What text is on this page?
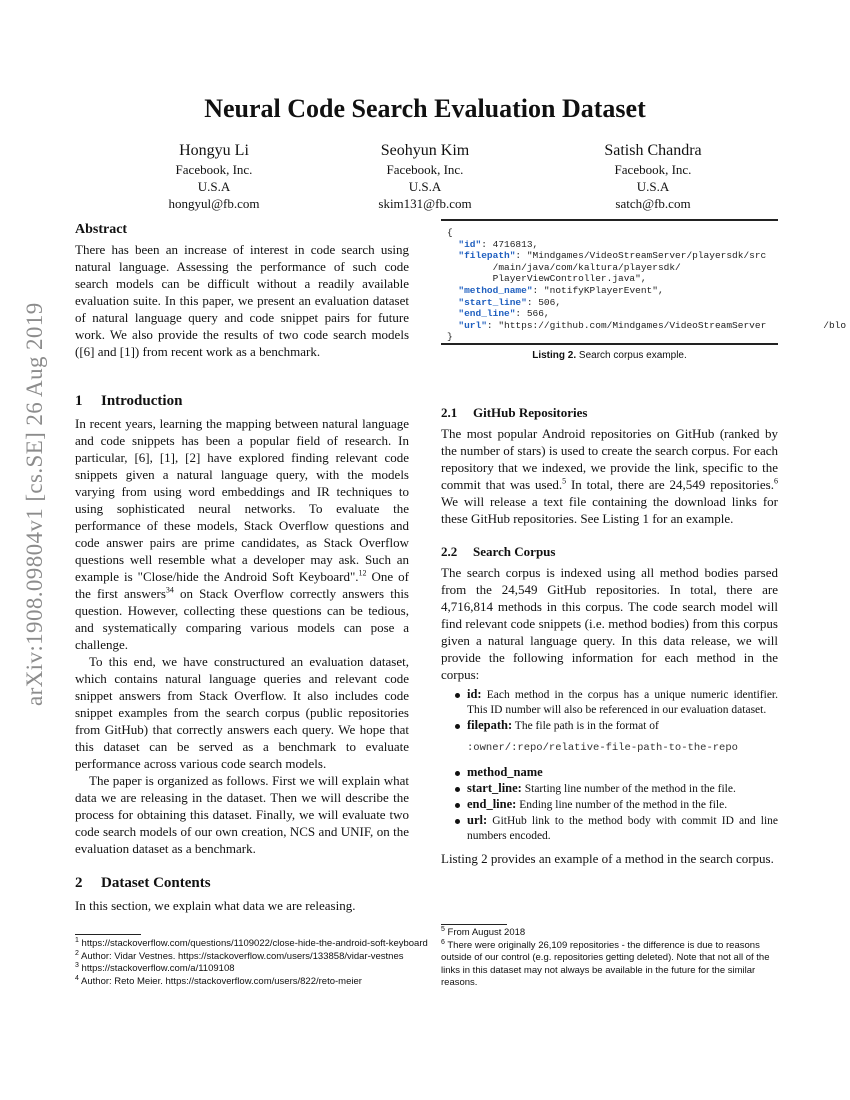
arXiv:1908.09804v1 [cs.SE] 26 Aug 2019
Neural Code Search Evaluation Dataset
Hongyu Li
Facebook, Inc.
U.S.A
hongyul@fb.com
Seohyun Kim
Facebook, Inc.
U.S.A
skim131@fb.com
Satish Chandra
Facebook, Inc.
U.S.A
satch@fb.com
Abstract

There has been an increase of interest in code search using natural language. Assessing the performance of such code search models can be difficult without a readily available evaluation suite. In this paper, we present an evaluation dataset of natural language query and code snippet pairs for future work. We also provide the results of two code search models ([6] and [1]) from recent work as a benchmark.

1 Introduction

In recent years, learning the mapping between natural language and code snippets has been a popular field of research. In particular, [6], [1], [2] have explored finding relevant code snippets given a natural language query, with the models varying from using word embeddings and IR techniques to using sophisticated neural networks. To evaluate the performance of these models, Stack Overflow questions and code answer pairs are prime candidates, as Stack Overflow questions well resemble what a developer may ask. Such an example is "Close/hide the Android Soft Keyboard".$^{12}$ One of the first answers$^{34}$ on Stack Overflow correctly answers this question. However, collecting these questions can be tedious, and systematically comparing various models can pose a challenge.

To this end, we have constructured an evaluation dataset, which contains natural language queries and relevant code snippet answers from Stack Overflow. It also includes code snippet examples from the search corpus (public repositories from GitHub) that correctly answers each query. We hope that this dataset can be served as a benchmark to evaluate performance across various code search models.

The paper is organized as follows. First we will explain what data we are releasing in the dataset. Then we will describe the process for obtaining this dataset. Finally, we will evaluate two code search models of our own creation, NCS and UNIF, on the evaluation dataset as a benchmark.

2 Dataset Contents

In this section, we explain what data we are releasing.

{
"id": 4716813,
"filepath": "Mindgames/VideoStreamServer/playersdk/src
/main/java/com/kaltura/playersdk/
PlayerViewController.java",
"method_name": "notifyKPlayerEvent",
"start_line": 506,
"end_line": 566,
"url": "https://github.com/Mindgames/VideoStreamServer          /blo
}
Listing 2. Search corpus example.
2.1 GitHub Repositories

The most popular Android repositories on GitHub (ranked by the number of stars) is used to create the search corpus. For each repository that we indexed, we provide the link, specific to the commit that was used.$^5$ In total, there are 24,549 repositories.$^6$ We will release a text file containing the download links for these GitHub repositories. See Listing 1 for an example.

2.2 Search Corpus

The search corpus is indexed using all method bodies parsed from the 24,549 GitHub repositories. In total, there are 4,716,814 methods in this corpus. The code search model will find relevant code snippets (i.e. method bodies) from this corpus given a natural language query. In this data release, we will provide the following information for each method in the corpus:

id: Each method in the corpus has a unique numeric identifier. This ID number will also be referenced in our evaluation dataset.
filepath: The file path is in the format of
:owner/:repo/relative-file-path-to-the-repo
method_name
start_line: Starting line number of the method in the file.
end_line: Ending line number of the method in the file.
url: GitHub link to the method body with commit ID and line numbers encoded.

Listing 2 provides an example of a method in the search corpus.

$^1$ https://stackoverflow.com/questions/1109022/close-hide-the-android-soft-keyboard
$^2$ Author: Vidar Vestnes. https://stackoverflow.com/users/133858/vidar-vestnes
$^3$ https://stackoverflow.com/a/1109108
$^4$ Author: Reto Meier. https://stackoverflow.com/users/822/reto-meier
$^5$ From August 2018
$^6$ There were originally 26,109 repositories - the difference is due to reasons outside of our control (e.g. repositories getting deleted). Note that not all of the links in this dataset may not always be available in the future for the similar reasons.
